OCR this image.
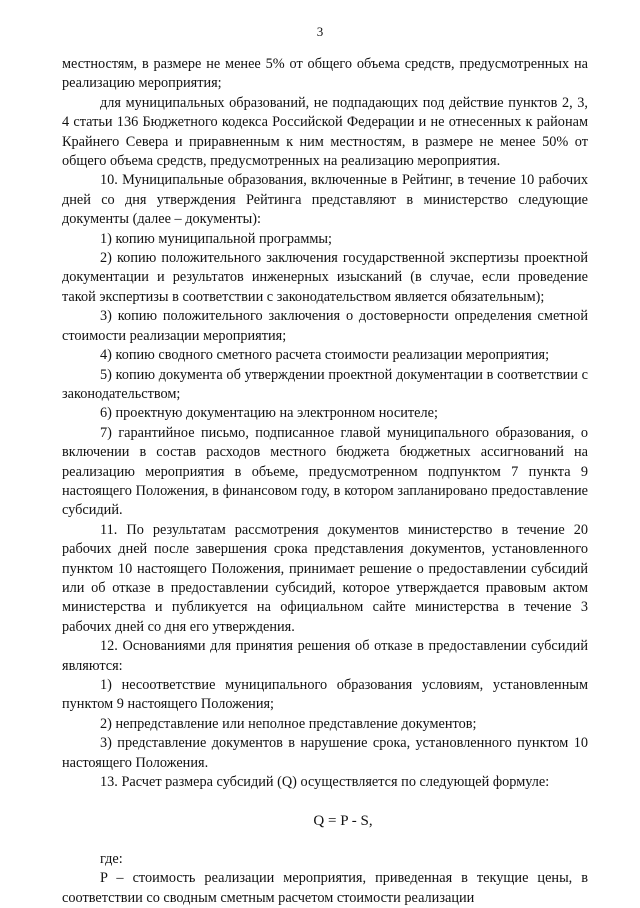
3

местностям, в размере не менее 5% от общего объема средств, предусмотренных на реализацию мероприятия;

для муниципальных образований, не подпадающих под действие пунктов 2, 3, 4 статьи 136 Бюджетного кодекса Российской Федерации и не отнесенных к районам Крайнего Севера и приравненным к ним местностям, в размере не менее 50% от общего объема средств, предусмотренных на реализацию мероприятия.

10. Муниципальные образования, включенные в Рейтинг, в течение 10 рабочих дней со дня утверждения Рейтинга представляют в министерство следующие документы (далее – документы):

1) копию муниципальной программы;

2) копию положительного заключения государственной экспертизы проектной документации и результатов инженерных изысканий (в случае, если проведение такой экспертизы в соответствии с законодательством является обязательным);

3) копию положительного заключения о достоверности определения сметной стоимости реализации мероприятия;

4) копию сводного сметного расчета стоимости реализации мероприятия;

5) копию документа об утверждении проектной документации в соответствии с законодательством;

6) проектную документацию на электронном носителе;

7) гарантийное письмо, подписанное главой муниципального образования, о включении в состав расходов местного бюджета бюджетных ассигнований на реализацию мероприятия в объеме, предусмотренном подпунктом 7 пункта 9 настоящего Положения, в финансовом году, в котором запланировано предоставление субсидий.

11. По результатам рассмотрения документов министерство в течение 20 рабочих дней после завершения срока представления документов, установленного пунктом 10 настоящего Положения, принимает решение о предоставлении субсидий или об отказе в предоставлении субсидий, которое утверждается правовым актом министерства и публикуется на официальном сайте министерства в течение 3 рабочих дней со дня его утверждения.

12. Основаниями для принятия решения об отказе в предоставлении субсидий являются:

1) несоответствие муниципального образования условиям, установленным пунктом 9 настоящего Положения;

2) непредставление или неполное представление документов;

3) представление документов в нарушение срока, установленного пунктом 10 настоящего Положения.

13. Расчет размера субсидий (Q) осуществляется по следующей формуле:

Q = P - S,

где:

P – стоимость реализации мероприятия, приведенная в текущие цены, в соответствии со сводным сметным расчетом стоимости реализации
